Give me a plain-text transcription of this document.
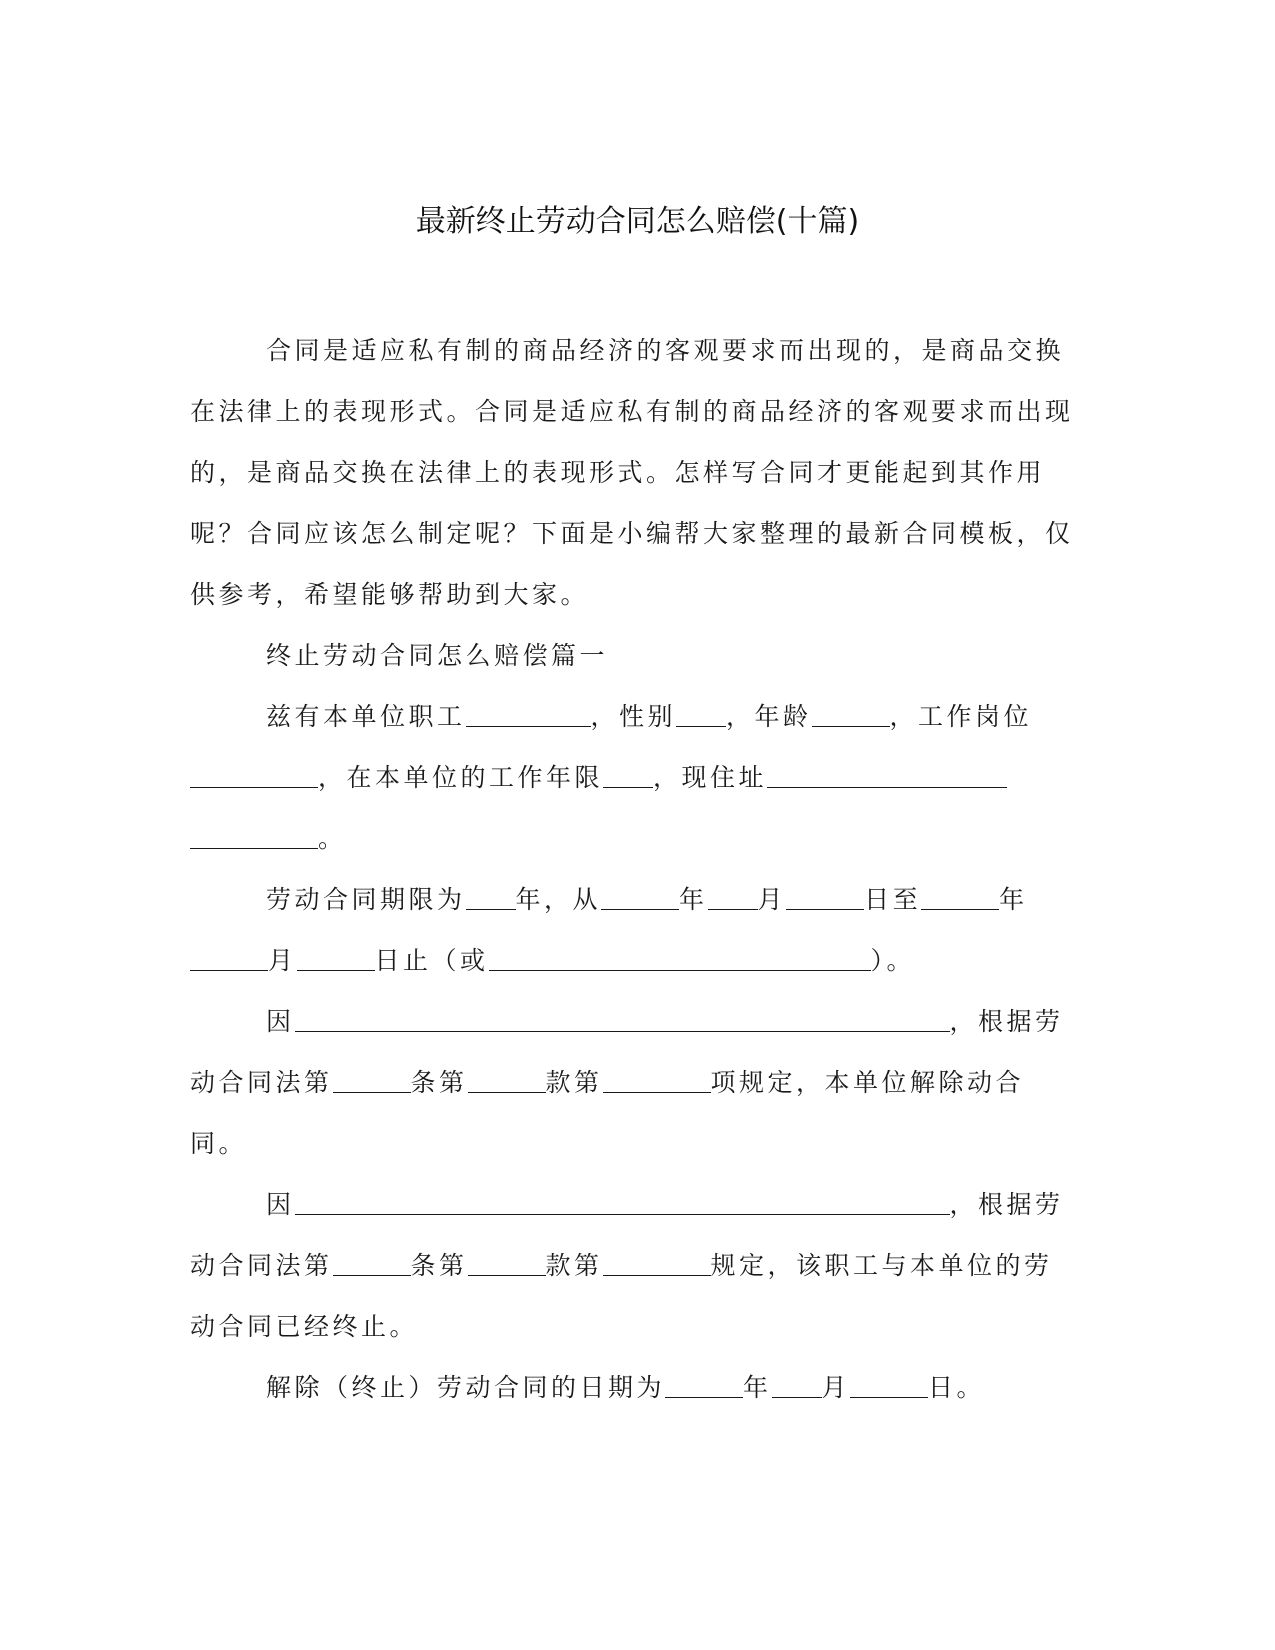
最新终止劳动合同怎么赔偿(十篇)

合同是适应私有制的商品经济的客观要求而出现的，是商品交换在法律上的表现形式。合同是适应私有制的商品经济的客观要求而出现的，是商品交换在法律上的表现形式。怎样写合同才更能起到其作用呢？合同应该怎么制定呢？下面是小编帮大家整理的最新合同模板，仅供参考，希望能够帮助到大家。

终止劳动合同怎么赔偿篇一

兹有本单位职工	，性别 ，年龄	，工作岗位，在本单位的工作年限 ，现住址。

劳动合同期限为 年，从	年 月	日至	年月	日止（或	）。

因	，根据劳动合同法第	条第	款第	项规定，本单位解除动合同。

因	，根据劳动合同法第	条第	款第	规定，该职工与本单位的劳动合同已经终止。

解除（终止）劳动合同的日期为	年 月	日。
